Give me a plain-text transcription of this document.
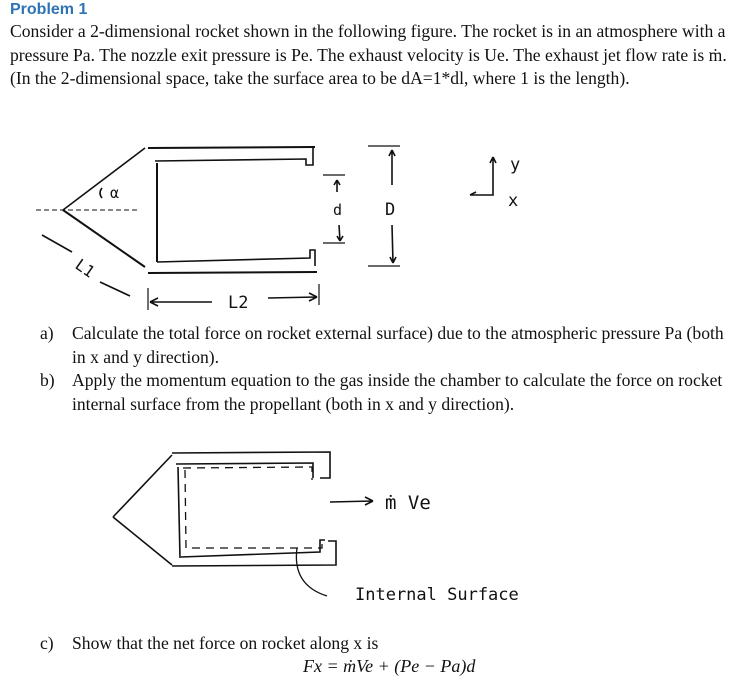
Problem 1
Consider a 2-dimensional rocket shown in the following figure. The rocket is in an atmosphere with a pressure Pa. The nozzle exit pressure is Pe. The exhaust velocity is Ue. The exhaust jet flow rate is ṁ. (In the 2-dimensional space, take the surface area to be dA=1*dl, where 1 is the length).
α
L1
L2
d	D
y
x
ṁ Ve
Internal Surface
a) Calculate the total force on rocket external surface) due to the atmospheric pressure Pa (both in x and y direction).
b) Apply the momentum equation to the gas inside the chamber to calculate the force on rocket internal surface from the propellant (both in x and y direction).
c) Show that the net force on rocket along x is
Fx = ṁVe + (Pe − Pa)d
